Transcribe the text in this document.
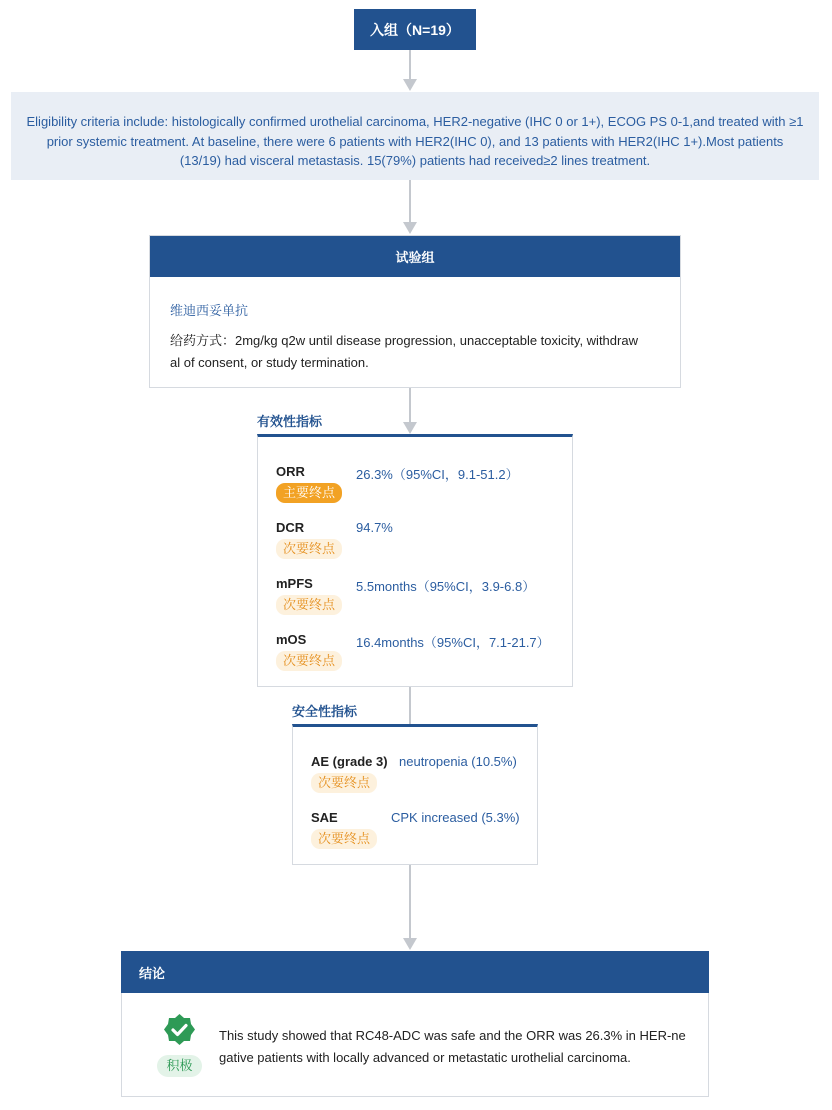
入组（N=19）
Eligibility criteria include: histologically confirmed urothelial carcinoma, HER2-negative (IHC 0 or 1+), ECOG PS 0-1,and treated with ≥1 prior systemic treatment. At baseline, there were 6 patients with HER2(IHC 0), and 13 patients with HER2(IHC 1+).Most patients (13/19) had visceral metastasis. 15(79%) patients had received≥2 lines treatment.
试验组
维迪西妥单抗
给药方式：2mg/kg q2w until disease progression, unacceptable toxicity, withdraw
al of consent, or study termination.
有效性指标
ORR	26.3%（95%CI，9.1-51.2）
主要终点
DCR	94.7%
次要终点
mPFS	5.5months（95%CI，3.9-6.8）
次要终点
mOS	16.4months（95%CI，7.1-21.7）
次要终点
安全性指标
AE (grade 3) neutropenia (10.5%)
次要终点
SAE	CPK increased (5.3%)
次要终点
结论
积极
This study showed that RC48-ADC was safe and the ORR was 26.3% in HER-ne
gative patients with locally advanced or metastatic urothelial carcinoma.
